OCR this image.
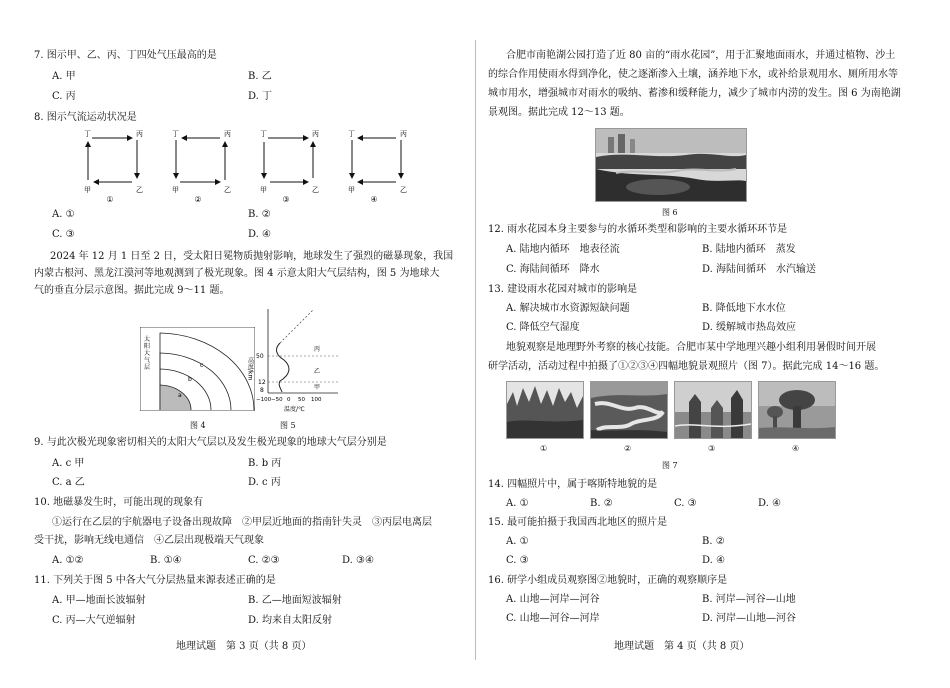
7. 图示甲、乙、丙、丁四处气压最高的是
A. 甲	B. 乙
C. 丙	D. 丁
8. 图示气流运动状况是
丁	丙
甲	乙
①
丁	丙
甲	乙
②
丁	丙
甲	乙
③
丁	丙
甲	乙
④
A. ①	B. ②
C. ③	D. ④
2024 年 12 月 1 日至 2 日，受太阳日冕物质抛射影响，地球发生了强烈的磁暴现象，我国
内蒙古根河、黑龙江漠河等地观测到了极光现象。图 4 示意太阳大气层结构，图 5 为地球大
气的垂直分层示意图。据此完成 9～11 题。
太阳大气层	c
b
a
图 4
高度/km
50
12
8
丙
乙
甲
−100 −50 0 50 100
温度/℃
图 5
9. 与此次极光现象密切相关的太阳大气层以及发生极光现象的地球大气层分别是
A. c 甲	B. b 丙
C. a 乙	D. c 丙
10. 地磁暴发生时，可能出现的现象有
①运行在乙层的宇航器电子设备出现故障　②甲层近地面的指南针失灵　③丙层电离层
受干扰，影响无线电通信　④乙层出现极端天气现象
A. ①②	B. ①④	C. ②③	D. ③④
11. 下列关于图 5 中各大气分层热量来源表述正确的是
A. 甲—地面长波辐射	B. 乙—地面短波辐射
C. 丙—大气逆辐射	D. 均来自太阳反射
地理试题　第 3 页（共 8 页）
合肥市南艳湖公园打造了近 80 亩的“雨水花园”，用于汇聚地面雨水，并通过植物、沙土
的综合作用使雨水得到净化，使之逐渐渗入土壤，涵养地下水，或补给景观用水、厕所用水等
城市用水，增强城市对雨水的吸纳、蓄渗和缓释能力，减少了城市内涝的发生。图 6 为南艳湖
景观图。据此完成 12～13 题。
图 6
12. 雨水花园本身主要参与的水循环类型和影响的主要水循环环节是
A. 陆地内循环　地表径流	B. 陆地内循环　蒸发
C. 海陆间循环　降水	D. 海陆间循环　水汽输送
13. 建设雨水花园对城市的影响是
A. 解决城市水资源短缺问题	B. 降低地下水水位
C. 降低空气湿度	D. 缓解城市热岛效应
地貌观察是地理野外考察的核心技能。合肥市某中学地理兴趣小组利用暑假时间开展
研学活动，活动过程中拍摄了①②③④四幅地貌景观照片（图 7）。据此完成 14～16 题。
①	②	③	④
图 7
14. 四幅照片中，属于喀斯特地貌的是
A. ①	B. ②	C. ③	D. ④
15. 最可能拍摄于我国西北地区的照片是
A. ①	B. ②
C. ③	D. ④
16. 研学小组成员观察图②地貌时，正确的观察顺序是
A. 山地—河岸—河谷	B. 河岸—河谷—山地
C. 山地—河谷—河岸	D. 河岸—山地—河谷
地理试题　第 4 页（共 8 页）
